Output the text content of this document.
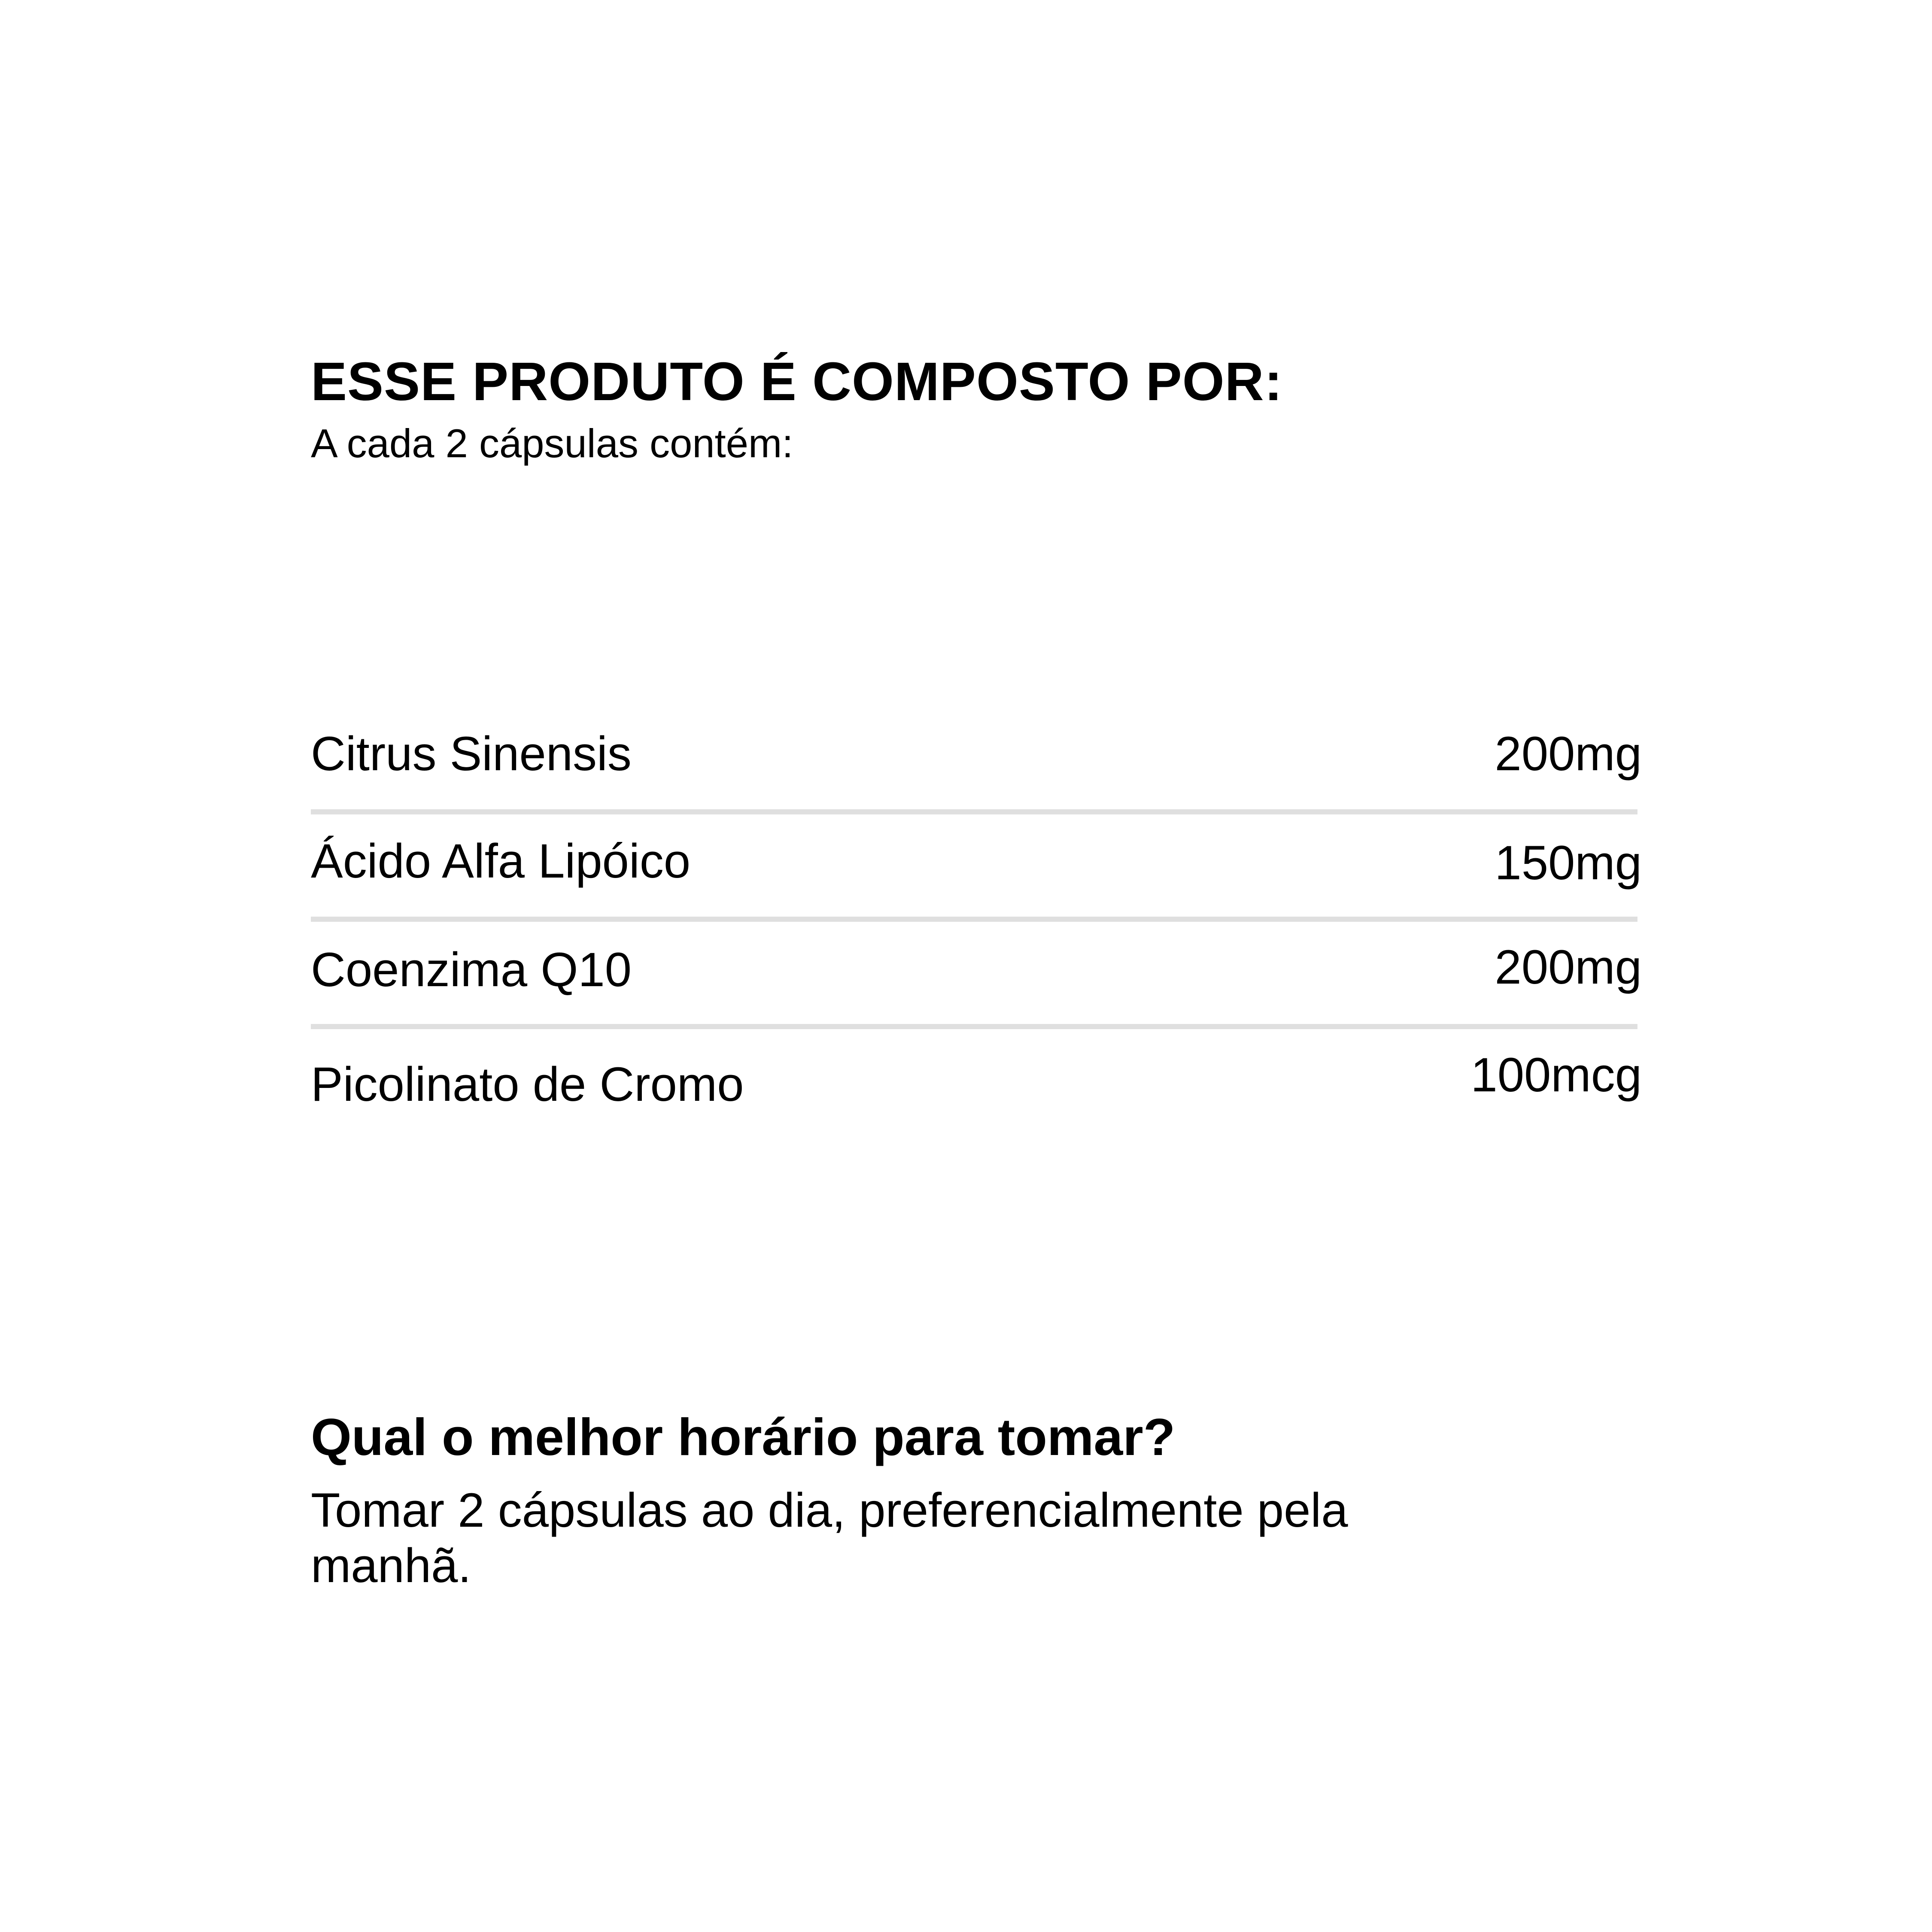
ESSE PRODUTO É COMPOSTO POR:

A cada 2 cápsulas contém:

Citrus Sinensis	200mg
Ácido Alfa Lipóico	150mg
Coenzima Q10	200mg
Picolinato de Cromo	100mcg
Qual o melhor horário para tomar?

Tomar 2 cápsulas ao dia, preferencialmente pela manhã.
